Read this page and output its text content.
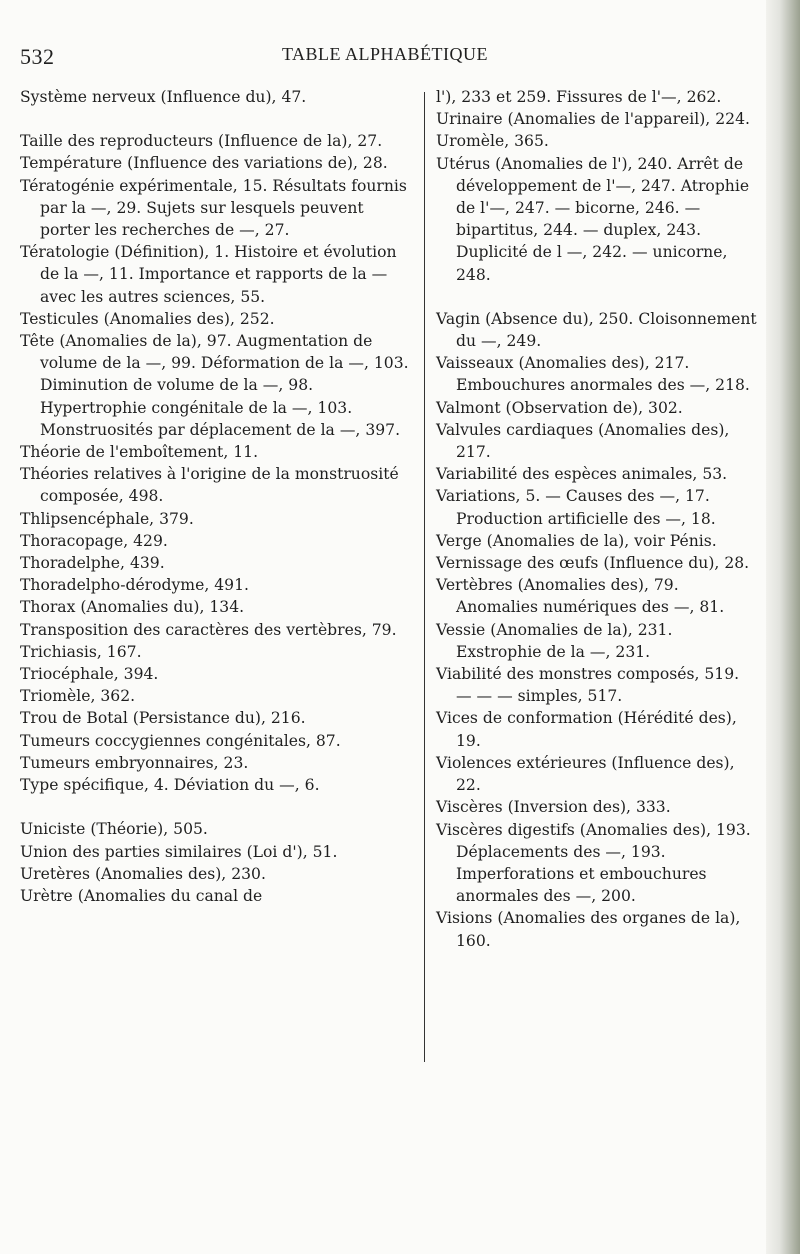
532	TABLE ALPHABÉTIQUE

Système nerveux (Influence du), 47.

Taille des reproducteurs (Influence de la), 27.

Température (Influence des variations de), 28.

Tératogénie expérimentale, 15. Résultats fournis par la —, 29. Sujets sur lesquels peuvent porter les recherches de —, 27.

Tératologie (Définition), 1. Histoire et évolution de la —, 11. Importance et rapports de la — avec les autres sciences, 55.

Testicules (Anomalies des), 252.

Tête (Anomalies de la), 97. Augmentation de volume de la —, 99. Déformation de la —, 103. Diminution de volume de la —, 98. Hypertrophie congénitale de la —, 103. Monstruosités par déplacement de la —, 397.

Théorie de l'emboîtement, 11.

Théories relatives à l'origine de la monstruosité composée, 498.

Thlipsencéphale, 379.

Thoracopage, 429.

Thoradelphe, 439.

Thoradelpho-dérodyme, 491.

Thorax (Anomalies du), 134.

Transposition des caractères des vertèbres, 79.

Trichiasis, 167.

Triocéphale, 394.

Triomèle, 362.

Trou de Botal (Persistance du), 216.

Tumeurs coccygiennes congénitales, 87.

Tumeurs embryonnaires, 23.

Type spécifique, 4. Déviation du —, 6.

Uniciste (Théorie), 505.

Union des parties similaires (Loi d'), 51.

Uretères (Anomalies des), 230.

Urètre (Anomalies du canal de

l'), 233 et 259. Fissures de l'—, 262.

Urinaire (Anomalies de l'appareil), 224.

Uromèle, 365.

Utérus (Anomalies de l'), 240. Arrêt de développement de l'—, 247. Atrophie de l'—, 247. — bicorne, 246. — bipartitus, 244. — duplex, 243. Duplicité de l —, 242. — unicorne, 248.

Vagin (Absence du), 250. Cloisonnement du —, 249.

Vaisseaux (Anomalies des), 217. Embouchures anormales des —, 218.

Valmont (Observation de), 302.

Valvules cardiaques (Anomalies des), 217.

Variabilité des espèces animales, 53.

Variations, 5. — Causes des —, 17. Production artificielle des —, 18.

Verge (Anomalies de la), voir Pénis.

Vernissage des œufs (Influence du), 28.

Vertèbres (Anomalies des), 79. Anomalies numériques des —, 81.

Vessie (Anomalies de la), 231. Exstrophie de la —, 231.

Viabilité des monstres composés, 519. — — — simples, 517.

Vices de conformation (Hérédité des), 19.

Violences extérieures (Influence des), 22.

Viscères (Inversion des), 333.

Viscères digestifs (Anomalies des), 193. Déplacements des —, 193. Imperforations et embouchures anormales des —, 200.

Visions (Anomalies des organes de la), 160.
